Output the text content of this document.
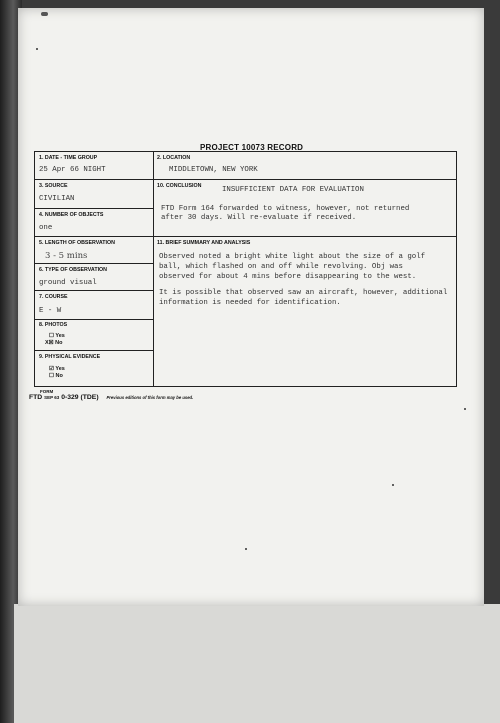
PROJECT 10073 RECORD
1. DATE - TIME GROUP
25 Apr 66 NIGHT
2. LOCATION
MIDDLETOWN, NEW YORK
3. SOURCE
CIVILIAN
10. CONCLUSION	INSUFFICIENT DATA FOR EVALUATION
FTD Form 164 forwarded to witness, however, not returned
after 30 days. Will re-evaluate if received.
4. NUMBER OF OBJECTS
one
5. LENGTH OF OBSERVATION
3 - 5 mins
11. BRIEF SUMMARY AND ANALYSIS
Observed noted a bright white light about the size of a golf
ball, which flashed on and off while revolving. Obj was
observed for about 4 mins before disappearing to the west.
It is possible that observed saw an aircraft, however, additional
information is needed for identification.
6. TYPE OF OBSERVATION
ground visual
7. COURSE
E - W
8. PHOTOS
☐ Yes
X☒ No
9. PHYSICAL EVIDENCE
☑ Yes
☐ No
FORM
FTD SEP 63 0-329 (TDE) Previous editions of this form may be used.
